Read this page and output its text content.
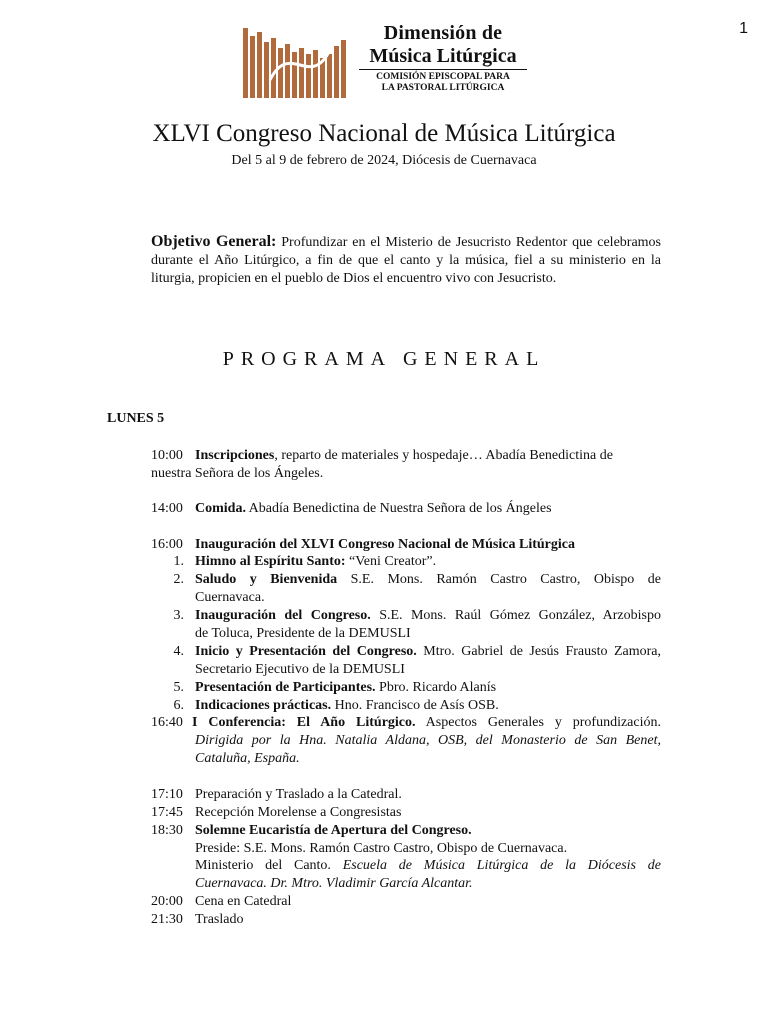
1
Dimensión de
Música Litúrgica
COMISIÓN EPISCOPAL PARA
LA PASTORAL LITÚRGICA
XLVI Congreso Nacional de Música Litúrgica
Del 5 al 9 de febrero de 2024, Diócesis de Cuernavaca
Objetivo General: Profundizar en el Misterio de Jesucristo Redentor que celebramos durante el Año Litúrgico, a fin de que el canto y la música, fiel a su ministerio en la liturgia, propicien en el pueblo de Dios el encuentro vivo con Jesucristo.
PROGRAMA GENERAL
LUNES 5
10:00 Inscripciones, reparto de materiales y hospedaje… Abadía Benedictina de
nuestra Señora de los Ángeles.
14:00 Comida. Abadía Benedictina de Nuestra Señora de los Ángeles
16:00 Inauguración del XLVI Congreso Nacional de Música Litúrgica
1. Himno al Espíritu Santo: “Veni Creator”.
2. Saludo y Bienvenida S.E. Mons. Ramón Castro Castro, Obispo de
Cuernavaca.
3. Inauguración del Congreso. S.E. Mons. Raúl Gómez González, Arzobispo
de Toluca, Presidente de la DEMUSLI
4. Inicio y Presentación del Congreso. Mtro. Gabriel de Jesús Frausto Zamora,
Secretario Ejecutivo de la DEMUSLI
5. Presentación de Participantes. Pbro. Ricardo Alanís
6. Indicaciones prácticas. Hno. Francisco de Asís OSB.
16:40 I Conferencia: El Año Litúrgico. Aspectos Generales y profundización.
Dirigida por la Hna. Natalia Aldana, OSB, del Monasterio de San Benet,
Cataluña, España.
17:10 Preparación y Traslado a la Catedral.
17:45 Recepción Morelense a Congresistas
18:30 Solemne Eucaristía de Apertura del Congreso.
Preside: S.E. Mons. Ramón Castro Castro, Obispo de Cuernavaca.
Ministerio del Canto. Escuela de Música Litúrgica de la Diócesis de
Cuernavaca. Dr. Mtro. Vladimir García Alcantar.
20:00 Cena en Catedral
21:30 Traslado
